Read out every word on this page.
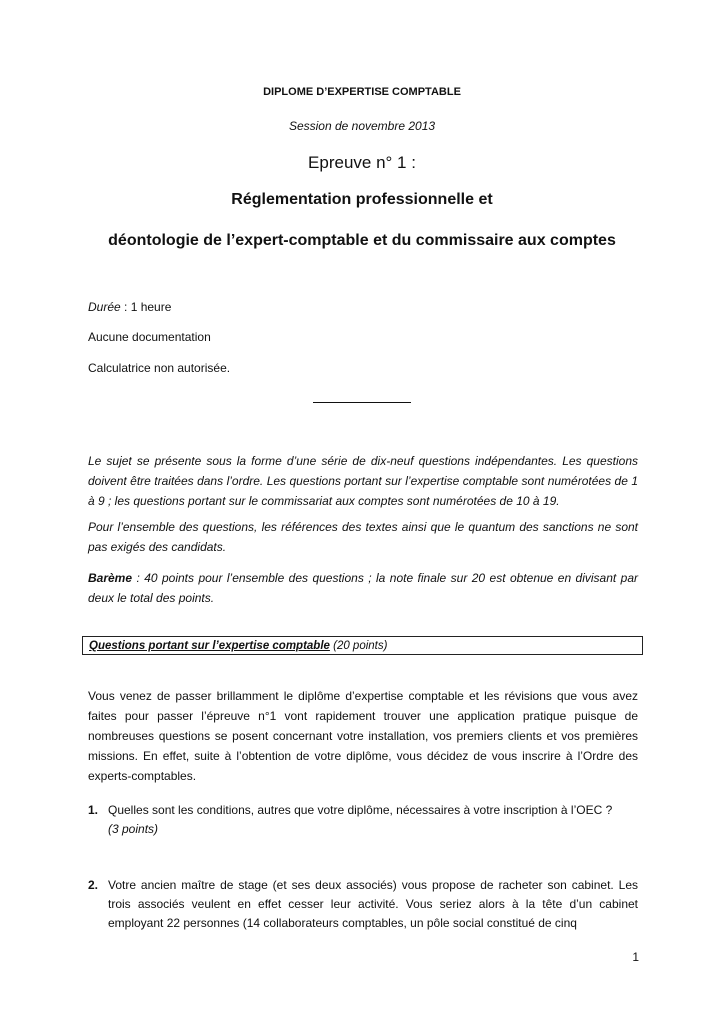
DIPLOME D’EXPERTISE COMPTABLE
Session de novembre 2013
Epreuve n° 1 :
Réglementation professionnelle et
déontologie de l’expert-comptable et du commissaire aux comptes
Durée : 1 heure
Aucune documentation
Calculatrice non autorisée.

Le sujet se présente sous la forme d’une série de dix-neuf questions indépendantes. Les questions doivent être traitées dans l’ordre. Les questions portant sur l’expertise comptable sont numérotées de 1 à 9 ; les questions portant sur le commissariat aux comptes sont numérotées de 10 à 19.

Pour l’ensemble des questions, les références des textes ainsi que le quantum des sanctions ne sont pas exigés des candidats.

Barème : 40 points pour l’ensemble des questions ; la note finale sur 20 est obtenue en divisant par deux le total des points.

Questions portant sur l’expertise comptable (20 points)

Vous venez de passer brillamment le diplôme d’expertise comptable et les révisions que vous avez faites pour passer l’épreuve n°1 vont rapidement trouver une application pratique puisque de nombreuses questions se posent concernant votre installation, vos premiers clients et vos premières missions. En effet, suite à l’obtention de votre diplôme, vous décidez de vous inscrire à l’Ordre des experts-comptables.

1. Quelles sont les conditions, autres que votre diplôme, nécessaires à votre inscription à l’OEC ?
(3 points)

2. Votre ancien maître de stage (et ses deux associés) vous propose de racheter son cabinet. Les trois associés veulent en effet cesser leur activité. Vous seriez alors à la tête d’un cabinet employant 22 personnes (14 collaborateurs comptables, un pôle social constitué de cinq

1
